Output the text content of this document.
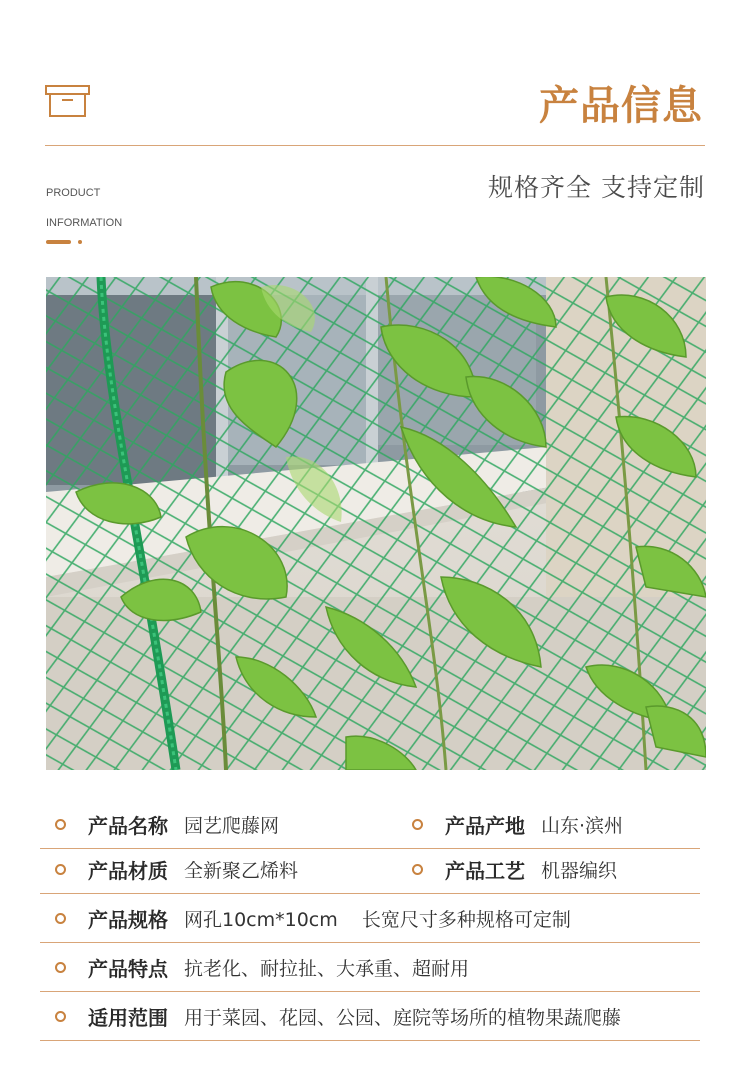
产品信息
PRODUCT
INFORMATION
规格齐全 支持定制
产品名称 园艺爬藤网	产品产地 山东·滨州
产品材质 全新聚乙烯料	产品工艺 机器编织
产品规格 网孔10cm*10cm    长宽尺寸多种规格可定制
产品特点 抗老化、耐拉扯、大承重、超耐用
适用范围 用于菜园、花园、公园、庭院等场所的植物果蔬爬藤
